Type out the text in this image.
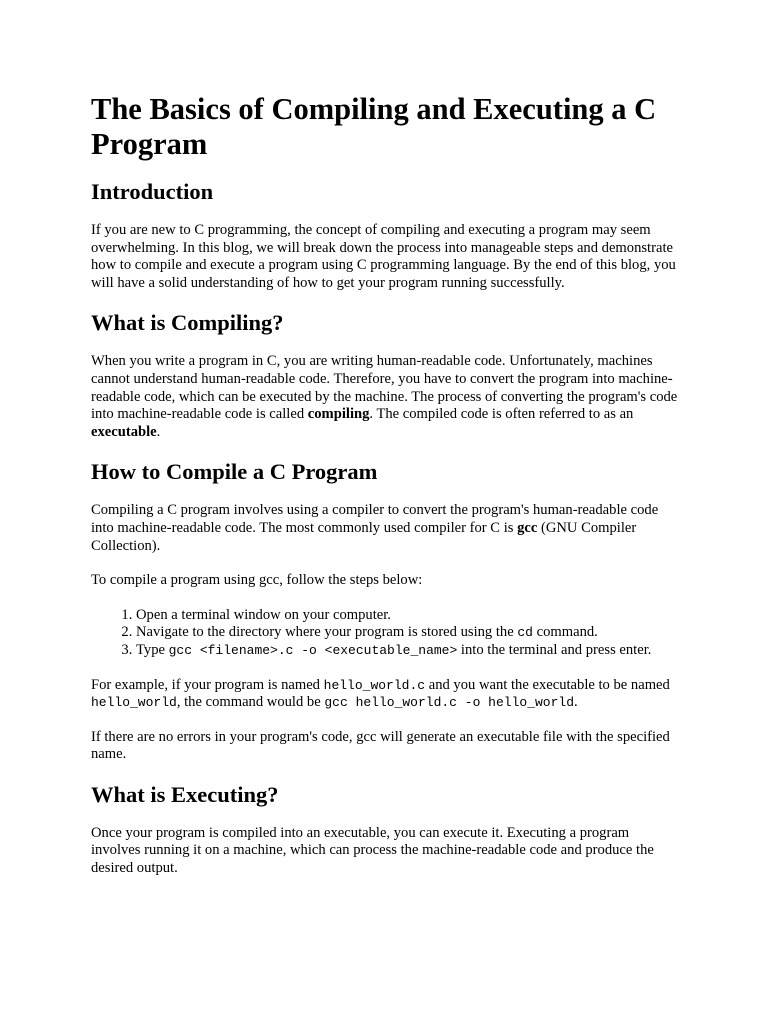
The Basics of Compiling and Executing a C Program
Introduction

If you are new to C programming, the concept of compiling and executing a program may seem overwhelming. In this blog, we will break down the process into manageable steps and demonstrate how to compile and execute a program using C programming language. By the end of this blog, you will have a solid understanding of how to get your program running successfully.

What is Compiling?

When you write a program in C, you are writing human-readable code. Unfortunately, machines cannot understand human-readable code. Therefore, you have to convert the program into machine-readable code, which can be executed by the machine. The process of converting the program's code into machine-readable code is called compiling. The compiled code is often referred to as an executable.

How to Compile a C Program

Compiling a C program involves using a compiler to convert the program's human-readable code into machine-readable code. The most commonly used compiler for C is gcc (GNU Compiler Collection).

To compile a program using gcc, follow the steps below:

1. Open a terminal window on your computer.
2. Navigate to the directory where your program is stored using the cd command.
3. Type gcc <filename>.c -o <executable_name> into the terminal and press enter.

For example, if your program is named hello_world.c and you want the executable to be named hello_world, the command would be gcc hello_world.c -o hello_world.

If there are no errors in your program's code, gcc will generate an executable file with the specified name.

What is Executing?

Once your program is compiled into an executable, you can execute it. Executing a program involves running it on a machine, which can process the machine-readable code and produce the desired output.
